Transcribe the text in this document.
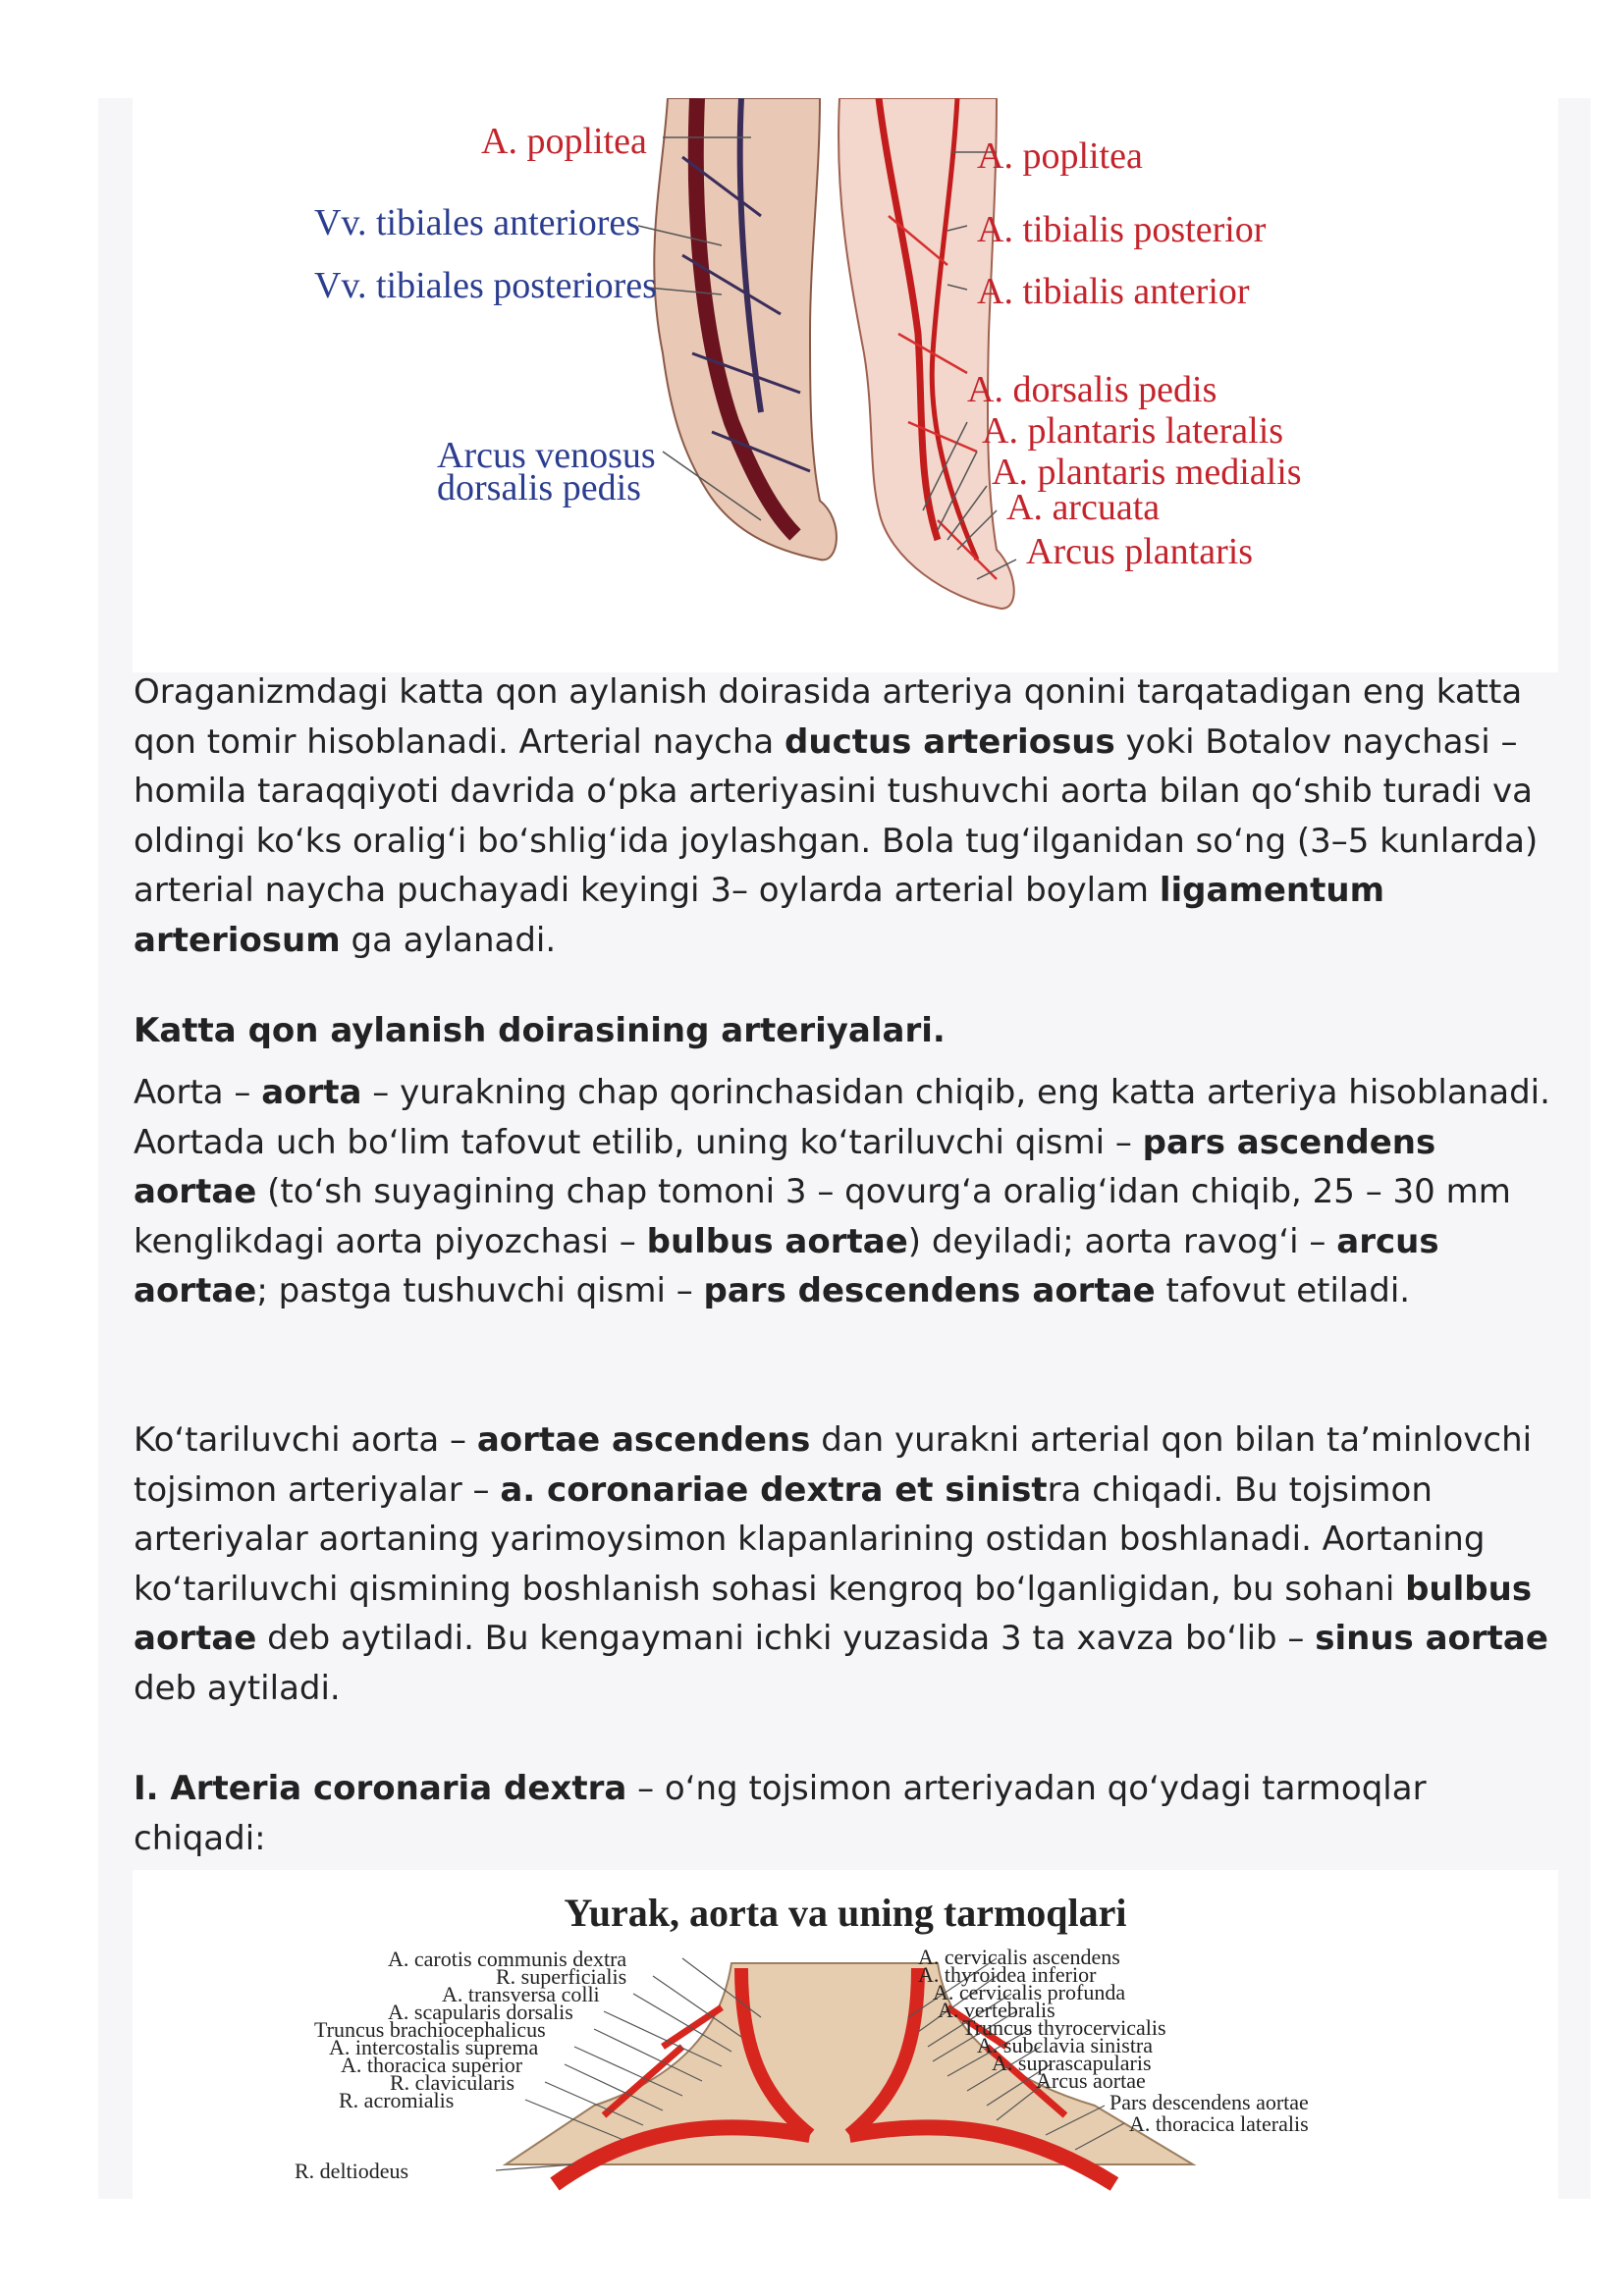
A. poplitea
Vv. tibiales anteriores
Vv. tibiales posteriores
Arcus venosus
dorsalis pedis
A. poplitea
A. tibialis posterior
A. tibialis anterior
A. dorsalis pedis
A. plantaris lateralis
A. plantaris medialis
A. arcuata
Arcus plantaris

Oraganizmdagi katta qon aylanish doirasida arteriya qonini tarqatadigan eng katta qon tomir hisoblanadi. Arterial naycha ductus arteriosus yoki Botalov naychasi – homila taraqqiyoti davrida oʻpka arteriyasini tushuvchi aorta bilan qoʻshib turadi va oldingi koʻks oraligʻi boʻshligʻida joylashgan. Bola tugʻilganidan soʻng (3–5 kunlarda) arterial naycha puchayadi keyingi 3– oylarda arterial boylam ligamentum arteriosum ga aylanadi.

Katta qon aylanish doirasining arteriyalari.

Aorta – aorta – yurakning chap qorinchasidan chiqib, eng katta arteriya hisoblanadi. Aortada uch boʻlim tafovut etilib, uning koʻtariluvchi qismi – pars ascendens aortae (toʻsh suyagining chap tomoni 3 – qovurgʻa oraligʻidan chiqib, 25 – 30 mm kenglikdagi aorta piyozchasi – bulbus aortae) deyiladi; aorta ravogʻi – arcus aortae; pastga tushuvchi qismi – pars descendens aortae tafovut etiladi.

Koʻtariluvchi aorta – aortae ascendens dan yurakni arterial qon bilan taʼminlovchi tojsimon arteriyalar – a. coronariae dextra et sinistra chiqadi. Bu tojsimon arteriyalar aortaning yarimoysimon klapanlarining ostidan boshlanadi. Aortaning koʻtariluvchi qismining boshlanish sohasi kengroq boʻlganligidan, bu sohani bulbus aortae deb aytiladi. Bu kengaymani ichki yuzasida 3 ta xavza boʻlib – sinus aortae deb aytiladi.

I. Arteria coronaria dextra – oʻng tojsimon arteriyadan qoʻydagi tarmoqlar chiqadi:

Yurak, aorta va uning tarmoqlari
A. carotis communis dextra
R. superficialis
A. transversa colli
A. scapularis dorsalis
Truncus brachiocephalicus
A. intercostalis suprema
A. thoracica superior
R. clavicularis
R. acromialis
R. deltiodeus
A. cervicalis ascendens
A. thyroidea inferior
A. cervicalis profunda
A. vertebralis
Truncus thyrocervicalis
A. subclavia sinistra
A. suprascapularis
Arcus aortae
Pars descendens aortae
A. thoracica lateralis
